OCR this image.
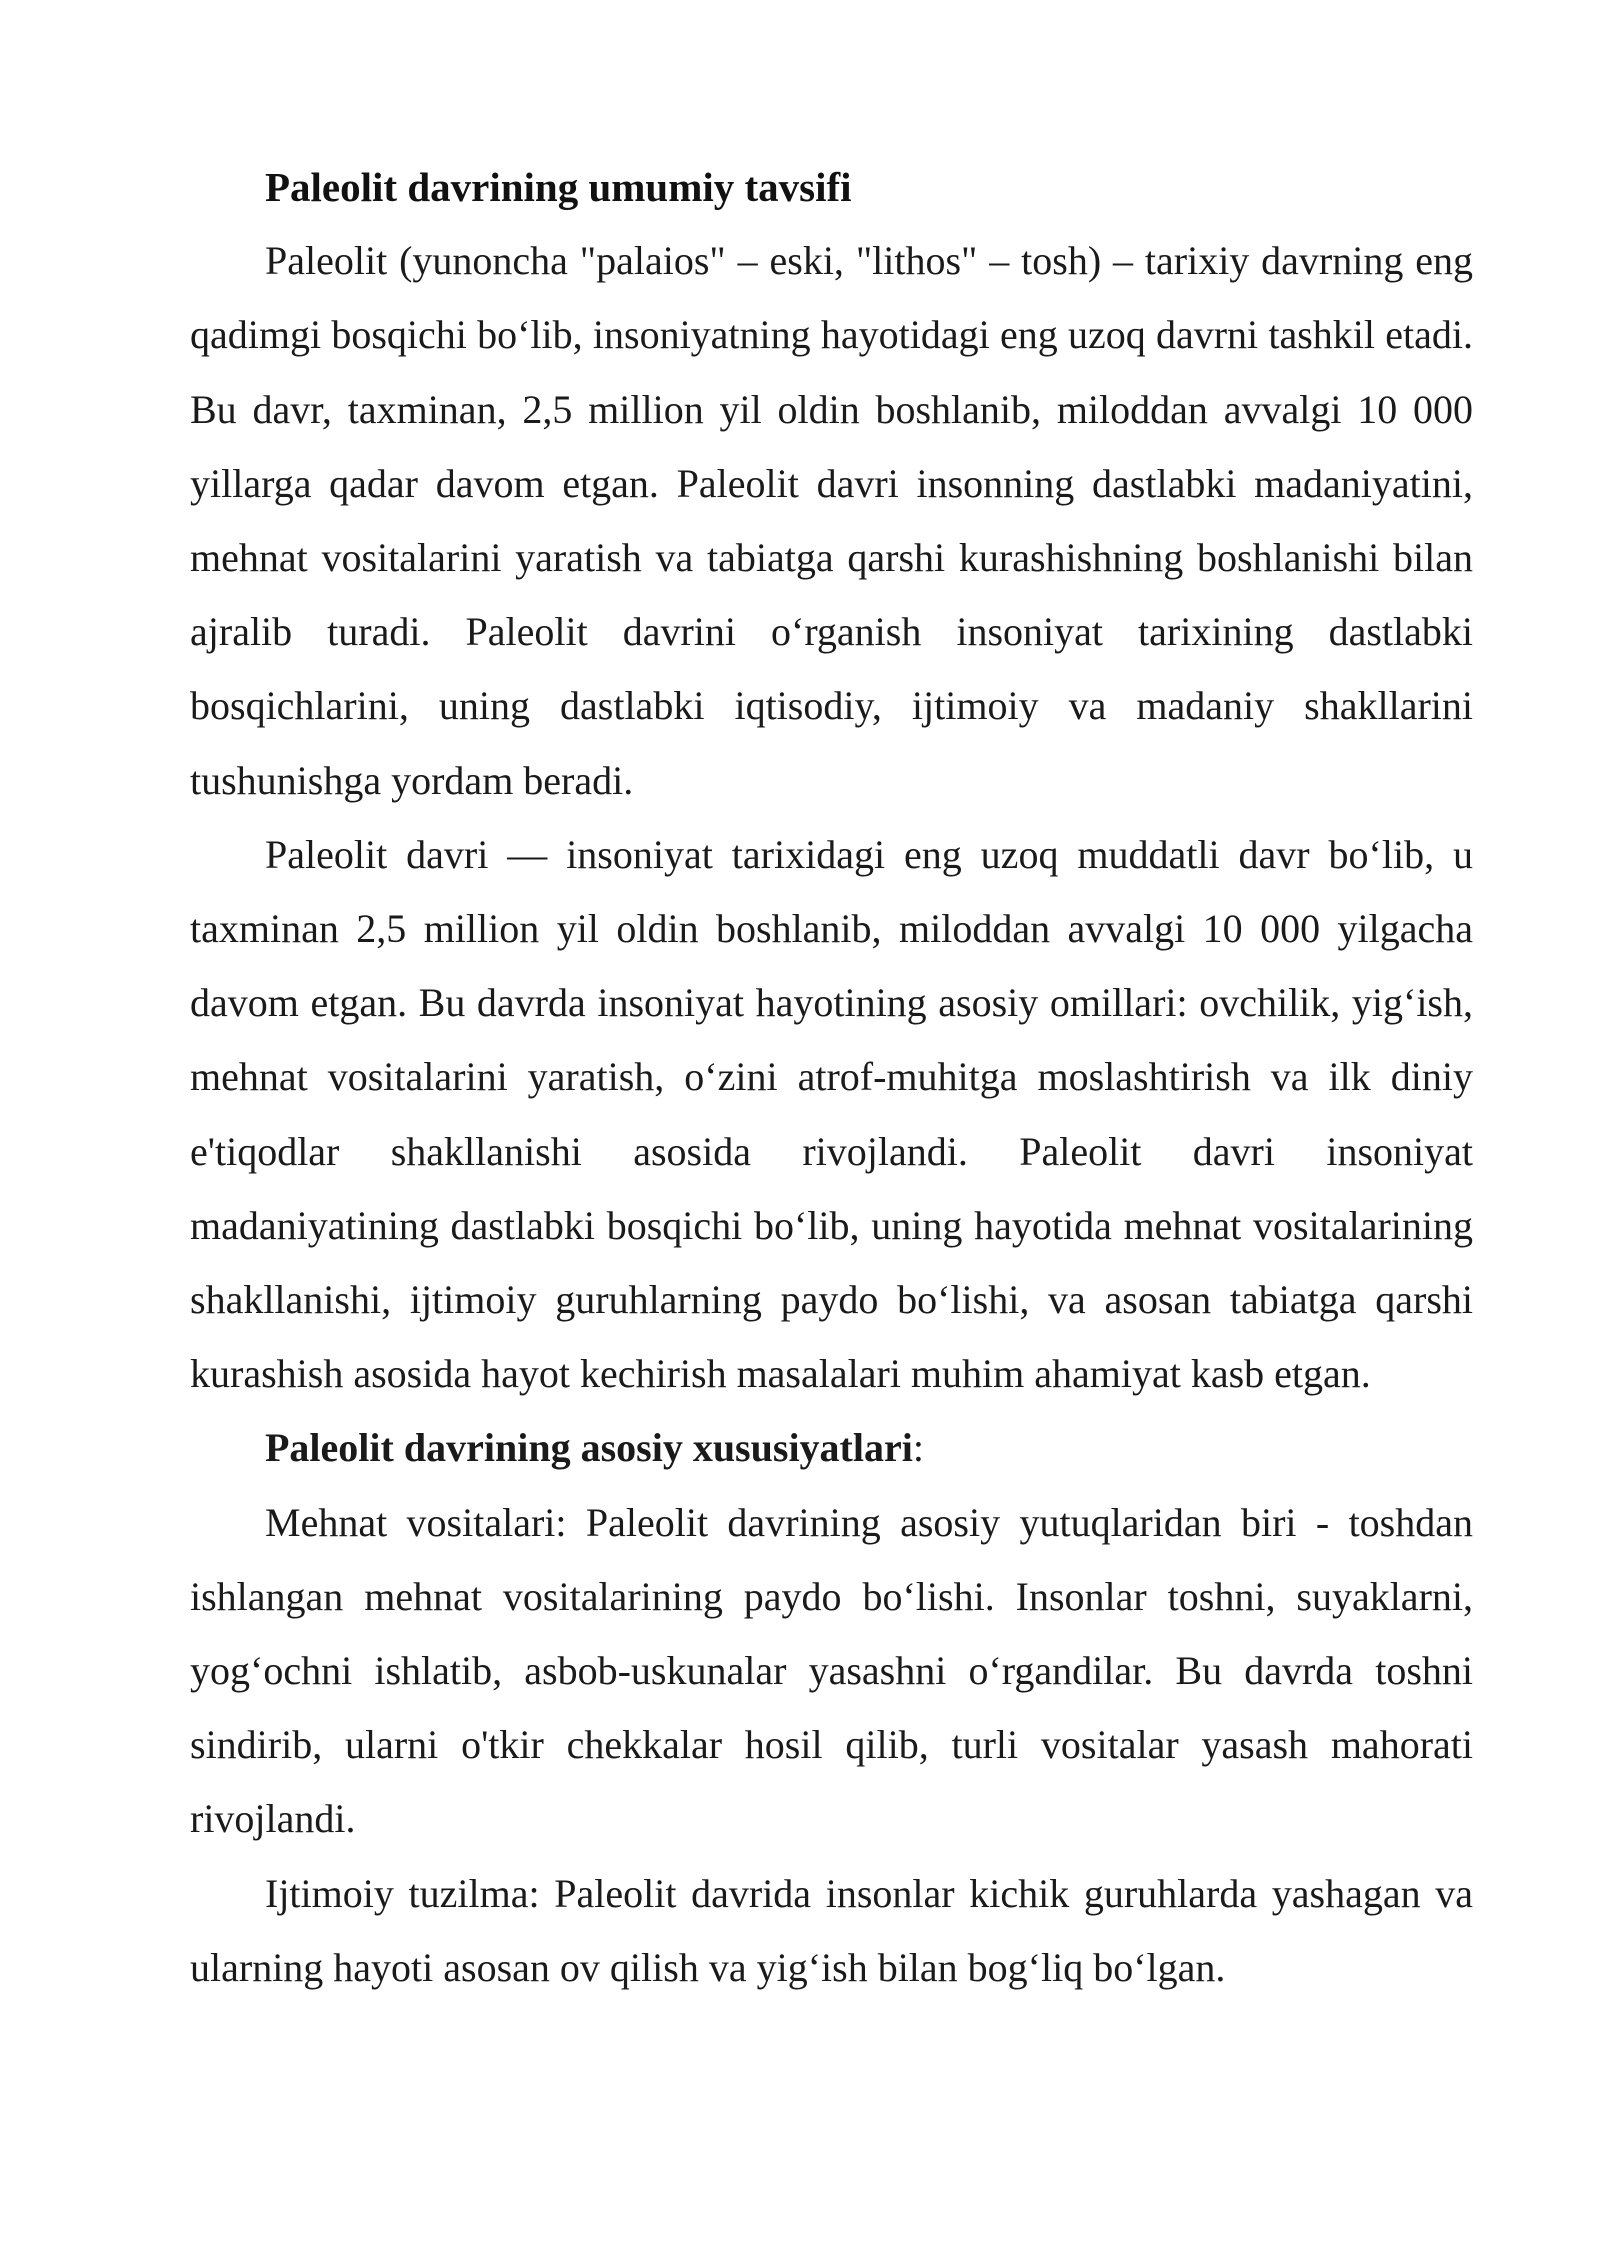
Paleolit davrining umumiy tavsifi

Paleolit (yunoncha "palaios" – eski, "lithos" – tosh) – tarixiy davrning eng qadimgi bosqichi bo‘lib, insoniyatning hayotidagi eng uzoq davrni tashkil etadi. Bu davr, taxminan, 2,5 million yil oldin boshlanib, miloddan avvalgi 10 000 yillarga qadar davom etgan. Paleolit davri insonning dastlabki madaniyatini, mehnat vositalarini yaratish va tabiatga qarshi kurashishning boshlanishi bilan ajralib turadi. Paleolit davrini o‘rganish insoniyat tarixining dastlabki bosqichlarini, uning dastlabki iqtisodiy, ijtimoiy va madaniy shakllarini tushunishga yordam beradi.

Paleolit davri — insoniyat tarixidagi eng uzoq muddatli davr bo‘lib, u taxminan 2,5 million yil oldin boshlanib, miloddan avvalgi 10 000 yilgacha davom etgan. Bu davrda insoniyat hayotining asosiy omillari: ovchilik, yig‘ish, mehnat vositalarini yaratish, o‘zini atrof-muhitga moslashtirish va ilk diniy e'tiqodlar shakllanishi asosida rivojlandi. Paleolit davri insoniyat madaniyatining dastlabki bosqichi bo‘lib, uning hayotida mehnat vositalarining shakllanishi, ijtimoiy guruhlarning paydo bo‘lishi, va asosan tabiatga qarshi kurashish asosida hayot kechirish masalalari muhim ahamiyat kasb etgan.

Paleolit davrining asosiy xususiyatlari:

Mehnat vositalari: Paleolit davrining asosiy yutuqlaridan biri - toshdan ishlangan mehnat vositalarining paydo bo‘lishi. Insonlar toshni, suyaklarni, yog‘ochni ishlatib, asbob-uskunalar yasashni o‘rgandilar. Bu davrda toshni sindirib, ularni o'tkir chekkalar hosil qilib, turli vositalar yasash mahorati rivojlandi.

Ijtimoiy tuzilma: Paleolit davrida insonlar kichik guruhlarda yashagan va ularning hayoti asosan ov qilish va yig‘ish bilan bog‘liq bo‘lgan.
